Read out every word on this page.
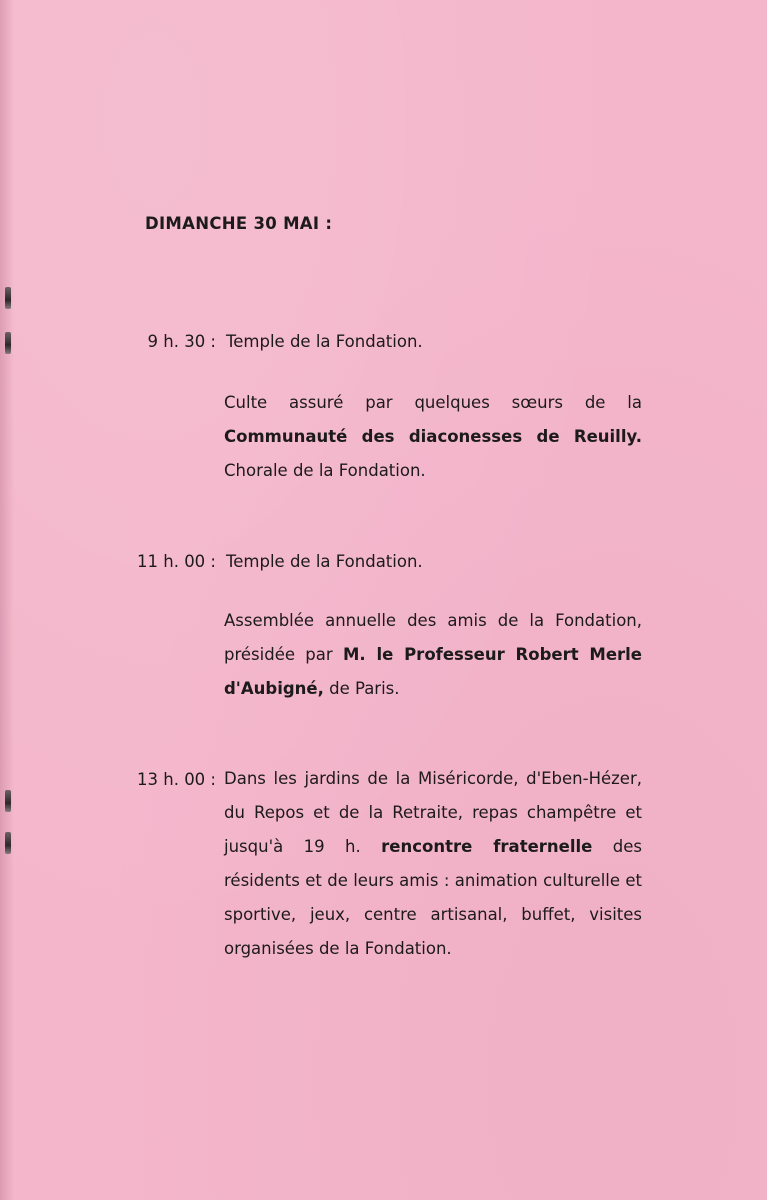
DIMANCHE 30 MAI :
9 h. 30 : Temple de la Fondation.
Culte assuré par quelques sœurs de la Communauté des diaconesses de Reuilly. Chorale de la Fondation.
11 h. 00 : Temple de la Fondation.
Assemblée annuelle des amis de la Fondation, présidée par M. le Professeur Robert Merle d'Aubigné, de Paris.
13 h. 00 : Dans les jardins de la Miséricorde, d'Eben-Hézer, du Repos et de la Retraite, repas champêtre et jusqu'à 19 h. rencontre fraternelle des résidents et de leurs amis : animation culturelle et sportive, jeux, centre artisanal, buffet, visites organisées de la Fondation.
